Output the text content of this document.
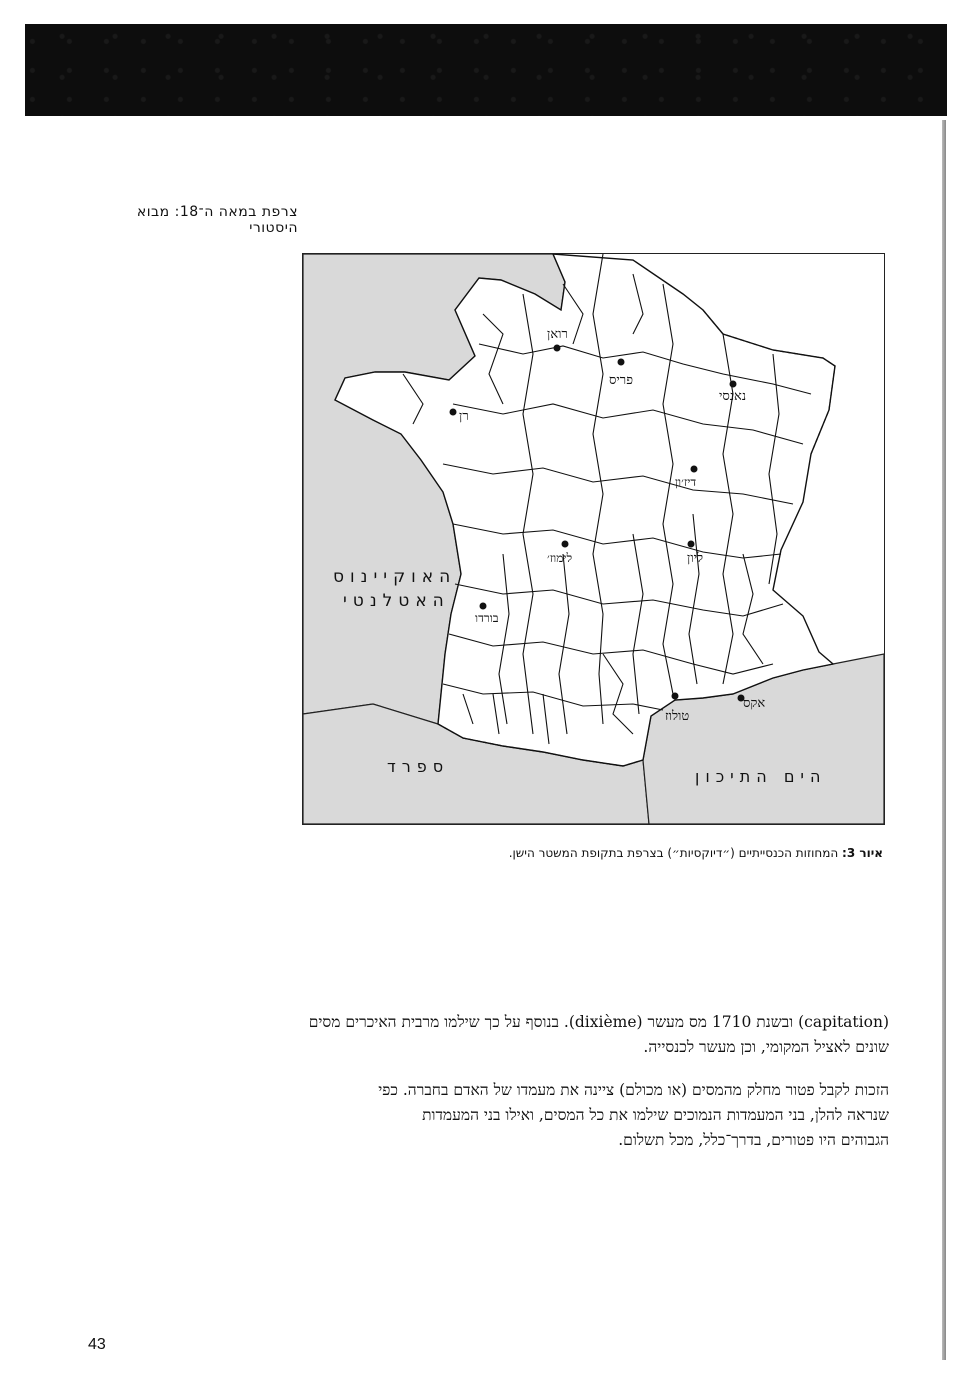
צרפת במאה ה־18: מבוא היסטורי
רואן
פריס
נאנסי
רן
דיז׳ון
לימוז׳	ליון
בורדו
אקס
טולוז
האוקיינוס
האטלנטי
ספרד
הים התיכון
איור 3: המחוזות הכנסייתיים (״דיוקסיות״) בצרפת בתקופת המשטר הישן.
(capitation) ובשנת 1710 מס מעשר (dixième). בנוסף על כך שילמו מרבית האיכרים מסים
שונים לאציל המקומי, וכן מעשר לכנסייה.
הזכות לקבל פטור מחלק מהמסים (או מכולם) ציינה את מעמדו של האדם בחברה. כפי
שנראה להלן, בני המעמדות הנמוכים שילמו את כל המסים, ואילו בני המעמדות
הגבוהים היו פטורים, בדרך־כלל, מכל תשלום.
43
